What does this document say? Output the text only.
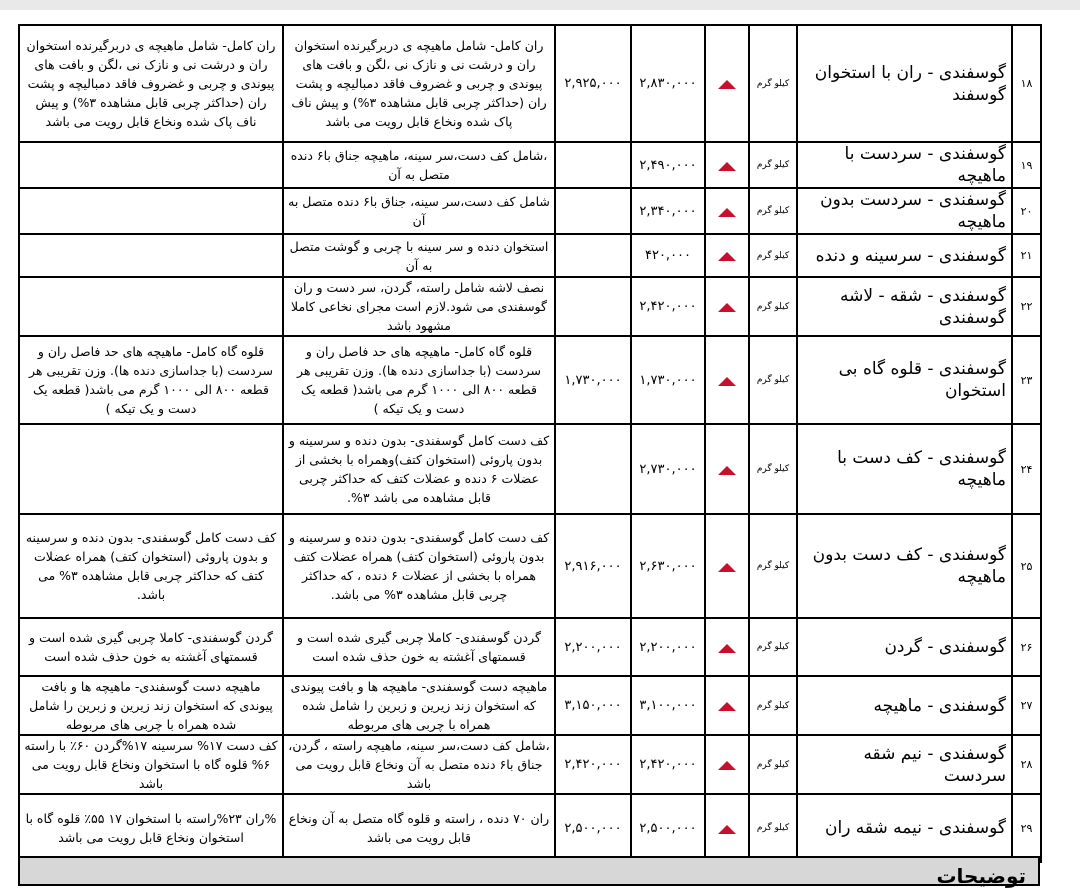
ران کامل- شامل ماهیچه ی دربرگیرنده استخوان ران و درشت نی و نازک نی ،لگن و بافت های پیوندی و چربی و غضروف فاقد دمبالیچه و پشت ران (حداکثر چربی قابل مشاهده ۳%) و پیش ناف پاک شده ونخاع قابل رویت می باشد	ران کامل- شامل ماهیچه ی دربرگیرنده استخوان ران و درشت نی و نازک نی ،لگن و بافت های پیوندی و چربی و غضروف فاقد دمبالیچه و پشت ران (حداکثر چربی قابل مشاهده ۳%) و پیش ناف پاک شده ونخاع قابل رویت می باشد	۲,۹۲۵,۰۰۰	۲,۸۳۰,۰۰۰		کیلو گرم	گوسفندی - ران با استخوان گوسفند	۱۸
	،شامل کف دست،سر سینه، ماهیچه جناق با۶ دنده متصل به آن		۲,۴۹۰,۰۰۰		کیلو گرم	گوسفندی - سردست با ماهیچه	۱۹
	شامل کف دست،سر سینه، جناق با۶ دنده متصل به آن		۲,۳۴۰,۰۰۰		کیلو گرم	گوسفندی - سردست بدون ماهیچه	۲۰
	استخوان دنده و سر سینه با چربی و گوشت متصل به آن		۴۲۰,۰۰۰		کیلو گرم	گوسفندی - سرسینه و دنده	۲۱
	نصف لاشه شامل راسته، گردن، سر دست و ران گوسفندی می شود.لازم است مجرای نخاعی کاملا مشهود باشد		۲,۴۲۰,۰۰۰		کیلو گرم	گوسفندی - شقه - لاشه گوسفندی	۲۲
قلوه گاه کامل- ماهیچه های حد فاصل ران و سردست (با جداسازی دنده ها). وزن تقریبی هر قطعه ۸۰۰ الی ۱۰۰۰ گرم می باشد( قطعه یک دست و یک تیکه )	قلوه گاه کامل- ماهیچه های حد فاصل ران و سردست (با جداسازی دنده ها). وزن تقریبی هر قطعه ۸۰۰ الی ۱۰۰۰ گرم می باشد( قطعه یک دست و یک تیکه )	۱,۷۳۰,۰۰۰	۱,۷۳۰,۰۰۰		کیلو گرم	گوسفندی - قلوه گاه بی استخوان	۲۳
	کف دست کامل گوسفندی- بدون دنده و سرسینه و بدون پاروئی (استخوان کتف)وهمراه با بخشی از عضلات ۶ دنده و عضلات کتف که حداکثر چربی قابل مشاهده می باشد ۳%.		۲,۷۳۰,۰۰۰		کیلو گرم	گوسفندی - کف دست با ماهیچه	۲۴
کف دست کامل گوسفندی- بدون دنده و سرسینه و بدون پاروئی (استخوان کتف) همراه عضلات کتف که حداکثر چربی قابل مشاهده ۳% می باشد.	کف دست کامل گوسفندی- بدون دنده و سرسینه و بدون پاروئی (استخوان کتف) همراه عضلات کتف همراه با بخشی از عضلات ۶ دنده ، که حداکثر چربی قابل مشاهده ۳% می باشد.	۲,۹۱۶,۰۰۰	۲,۶۳۰,۰۰۰		کیلو گرم	گوسفندی - کف دست بدون ماهیچه	۲۵
گردن گوسفندی- کاملا چربی گیری شده است و قسمتهای آغشته به خون حذف شده است	گردن گوسفندی- کاملا چربی گیری شده است و قسمتهای آغشته به خون حذف شده است	۲,۲۰۰,۰۰۰	۲,۲۰۰,۰۰۰		کیلو گرم	گوسفندی - گردن	۲۶
ماهیچه دست گوسفندی- ماهیچه ها و بافت پیوندی که استخوان زند زیرین و زبرین را شامل شده همراه با چربی های مربوطه	ماهیچه دست گوسفندی- ماهیچه ها و بافت پیوندی که استخوان زند زیرین و زبرین را شامل شده همراه با چربی های مربوطه	۳,۱۵۰,۰۰۰	۳,۱۰۰,۰۰۰		کیلو گرم	گوسفندی - ماهیچه	۲۷
کف دست ۱۷% سرسینه ۱۷%گردن ۶۰٪ با راسته ۶% قلوه گاه با استخوان ونخاع قابل رویت می باشد	،شامل کف دست،سر سینه، ماهیچه راسته ، گردن، جناق با۶ دنده متصل به آن ونخاع قابل رویت می باشد	۲,۴۲۰,۰۰۰	۲,۴۲۰,۰۰۰		کیلو گرم	گوسفندی - نیم شقه سردست	۲۸
%ران ۲۳%راسته با استخوان ۱۷ ۵۵٪ قلوه گاه با استخوان ونخاع قابل رویت می باشد	ران ۷۰ دنده ، راسته و قلوه گاه متصل به آن ونخاع قابل رویت می باشد	۲,۵۰۰,۰۰۰	۲,۵۰۰,۰۰۰		کیلو گرم	گوسفندی - نیمه شقه ران	۲۹
توضیحات
